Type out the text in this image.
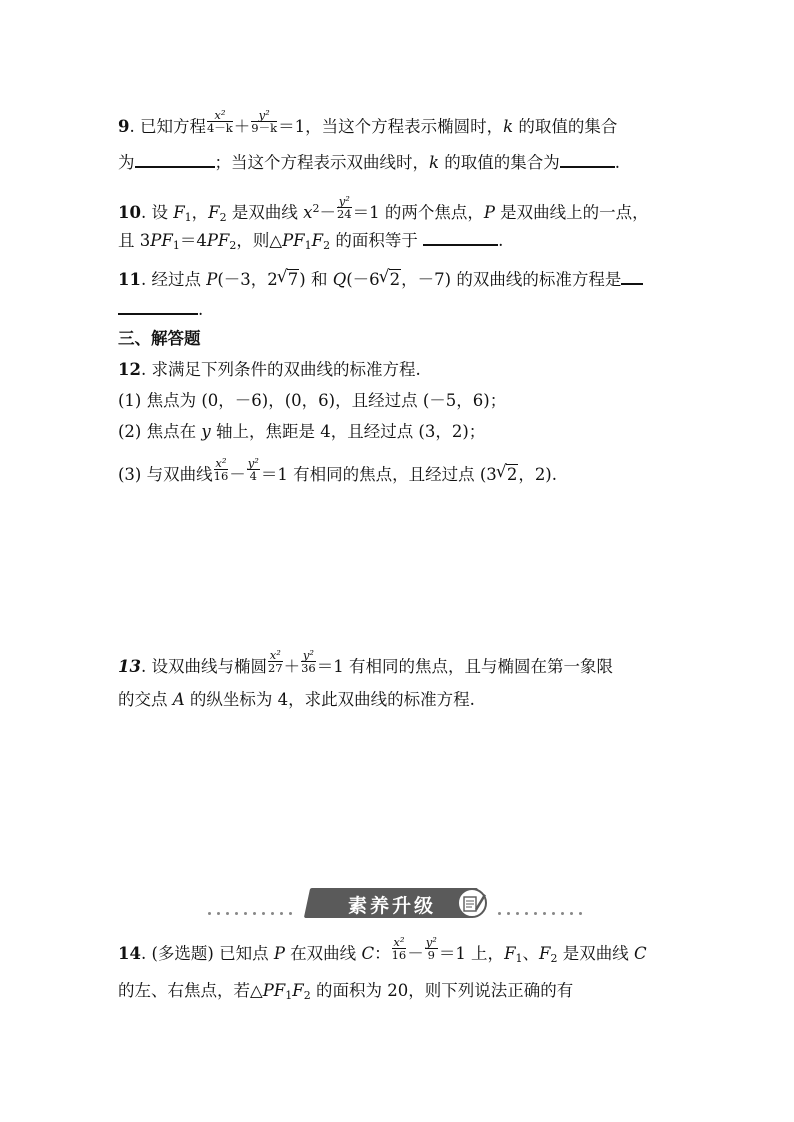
9. 已知方程 $\frac{\text{x²}}{4-k} + \frac{\text{y²}}{9-k} =1$，当这个方程表示椭圆时，k 的取值的集合
为	；当这个方程表示双曲线时，k 的取值的集合为	.
10. 设 $F_1$，$F_2$ 是双曲线 $x^2- \frac{\text{y²}}{24} =1$ 的两个焦点，P 是双曲线上的一点，
且 $3PF_1=4PF_2$，则$\triangle PF_1F_2$ 的面积等于	.
11. 经过点 P(－3，2 √ 7) 和 Q(－6 √ 2，－7) 的双曲线的标准方程是
.
三、解答题
12. 求满足下列条件的双曲线的标准方程.
(1) 焦点为 (0，－6)，(0，6)，且经过点 (－5，6)；
(2) 焦点在 y 轴上，焦距是 4，且经过点 (3，2)；
(3) 与双曲线 $\frac{\text{x²}}{16} - \frac{\text{y²}}{4} =1$ 有相同的焦点，且经过点 (3 √ 2，2).
13. 设双曲线与椭圆 $\frac{\text{x²}}{27} + \frac{\text{y²}}{36} =1$ 有相同的焦点，且与椭圆在第一象限
的交点 A 的纵坐标为 4，求此双曲线的标准方程.
素养升级
14. (多选题) 已知点 P 在双曲线 C： $\frac{\text{x²}}{16} - \frac{\text{y²}}{9} =1$ 上，$F_1$、$F_2$ 是双曲线 C
的左、右焦点，若$\triangle PF_1F_2$ 的面积为 20，则下列说法正确的有
